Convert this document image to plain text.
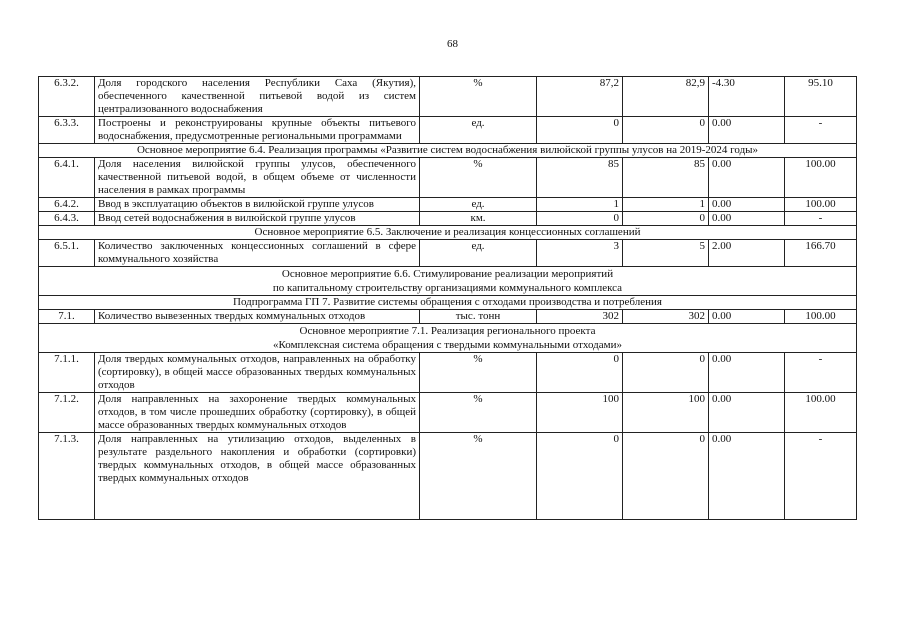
68
6.3.2.	Доля городского населения Республики Саха (Якутия), обеспеченного качественной питьевой водой из систем централизованного водоснабжения	%	87,2	82,9	-4.30	95.10
6.3.3.	Построены и реконструированы крупные объекты питьевого водоснабжения, предусмотренные региональными программами	ед.	0	0	0.00	-

Основное мероприятие 6.4. Реализация программы «Развитие систем водоснабжения вилюйской группы улусов на 2019-2024 годы»						

6.4.1.	Доля населения вилюйской группы улусов, обеспеченного качественной питьевой водой, в общем объеме от численности населения в рамках программы	%	85	85	0.00	100.00
6.4.2.	Ввод в эксплуатацию объектов в вилюйской группе улусов	ед.	1	1	0.00	100.00
6.4.3.	Ввод сетей водоснабжения в вилюйской группе улусов	км.	0	0	0.00	-

Основное мероприятие 6.5. Заключение и реализация концессионных соглашений						

6.5.1.	Количество заключенных концессионных соглашений в сфере коммунального хозяйства	ед.	3	5	2.00	166.70

Основное мероприятие 6.6. Стимулирование реализации мероприятий
по капитальному строительству организациями коммунального комплекса						

Подпрограмма ГП 7. Развитие системы обращения с отходами производства и потребления						

7.1.	Количество вывезенных твердых коммунальных отходов	тыс. тонн	302	302	0.00	100.00

Основное мероприятие 7.1. Реализация регионального проекта
«Комплексная система обращения с твердыми коммунальными отходами»						

7.1.1.	Доля твердых коммунальных отходов, направленных на обработку (сортировку), в общей массе образованных твердых коммунальных отходов	%	0	0	0.00	-
7.1.2.	Доля направленных на захоронение твердых коммунальных отходов, в том числе прошедших обработку (сортировку), в общей массе образованных твердых коммунальных отходов	%	100	100	0.00	100.00
7.1.3.	Доля направленных на утилизацию отходов, выделенных в результате раздельного накопления и обработки (сортировки) твердых коммунальных отходов, в общей массе образованных твердых коммунальных отходов	%	0	0	0.00	-
